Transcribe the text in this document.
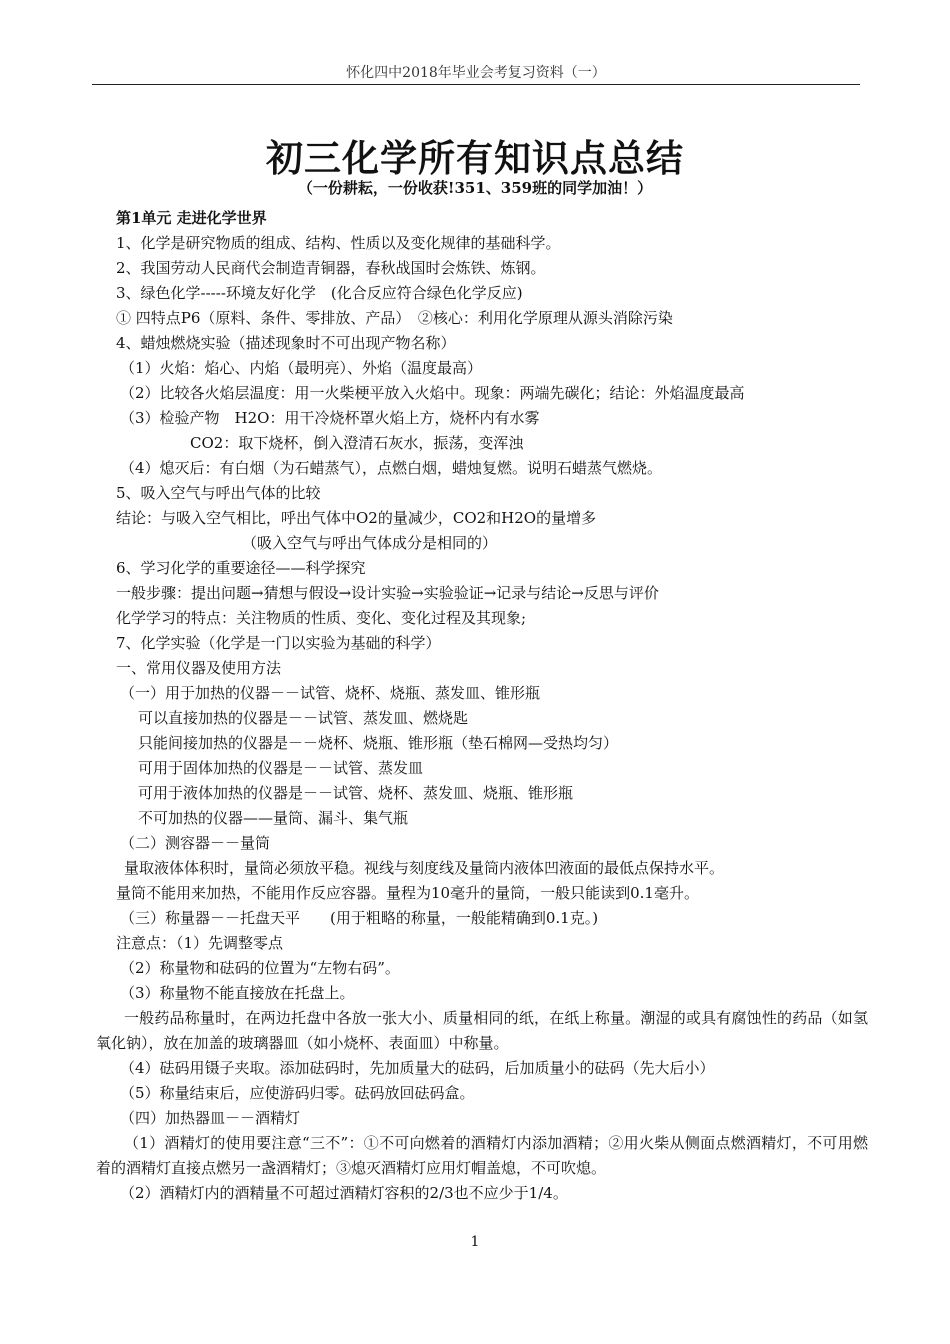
怀化四中2018年毕业会考复习资料（一）
初三化学所有知识点总结
（一份耕耘，一份收获!351、359班的同学加油！）
第1单元 走进化学世界
1、化学是研究物质的组成、结构、性质以及变化规律的基础科学。
2、我国劳动人民商代会制造青铜器，春秋战国时会炼铁、炼钢。
3、绿色化学-----环境友好化学　(化合反应符合绿色化学反应)
① 四特点P6（原料、条件、零排放、产品）　②核心：利用化学原理从源头消除污染
4、蜡烛燃烧实验（描述现象时不可出现产物名称）
（1）火焰：焰心、内焰（最明亮）、外焰（温度最高）
（2）比较各火焰层温度：用一火柴梗平放入火焰中。现象：两端先碳化；结论：外焰温度最高
（3）检验产物　H2O：用干冷烧杯罩火焰上方，烧杯内有水雾
CO2：取下烧杯，倒入澄清石灰水，振荡，变浑浊
（4）熄灭后：有白烟（为石蜡蒸气），点燃白烟，蜡烛复燃。说明石蜡蒸气燃烧。
5、吸入空气与呼出气体的比较
结论：与吸入空气相比，呼出气体中O2的量减少，CO2和H2O的量增多
（吸入空气与呼出气体成分是相同的）
6、学习化学的重要途径——科学探究
一般步骤：提出问题→猜想与假设→设计实验→实验验证→记录与结论→反思与评价
化学学习的特点：关注物质的性质、变化、变化过程及其现象;
7、化学实验（化学是一门以实验为基础的科学）
一、常用仪器及使用方法
（一）用于加热的仪器－－试管、烧杯、烧瓶、蒸发皿、锥形瓶
可以直接加热的仪器是－－试管、蒸发皿、燃烧匙
只能间接加热的仪器是－－烧杯、烧瓶、锥形瓶（垫石棉网—受热均匀）
可用于固体加热的仪器是－－试管、蒸发皿
可用于液体加热的仪器是－－试管、烧杯、蒸发皿、烧瓶、锥形瓶
不可加热的仪器——量筒、漏斗、集气瓶
（二）测容器－－量筒
量取液体体积时，量筒必须放平稳。视线与刻度线及量筒内液体凹液面的最低点保持水平。
量筒不能用来加热，不能用作反应容器。量程为10毫升的量筒，一般只能读到0.1毫升。
（三）称量器－－托盘天平　　(用于粗略的称量，一般能精确到0.1克。)
注意点：（1）先调整零点
（2）称量物和砝码的位置为“左物右码”。
（3）称量物不能直接放在托盘上。
一般药品称量时，在两边托盘中各放一张大小、质量相同的纸，在纸上称量。潮湿的或具有腐蚀性的药品（如氢氧化钠），放在加盖的玻璃器皿（如小烧杯、表面皿）中称量。
（4）砝码用镊子夹取。添加砝码时，先加质量大的砝码，后加质量小的砝码（先大后小）
（5）称量结束后，应使游码归零。砝码放回砝码盒。
（四）加热器皿－－酒精灯
（1）酒精灯的使用要注意“三不”：①不可向燃着的酒精灯内添加酒精；②用火柴从侧面点燃酒精灯，不可用燃着的酒精灯直接点燃另一盏酒精灯；③熄灭酒精灯应用灯帽盖熄，不可吹熄。
（2）酒精灯内的酒精量不可超过酒精灯容积的2/3也不应少于1/4。
1
